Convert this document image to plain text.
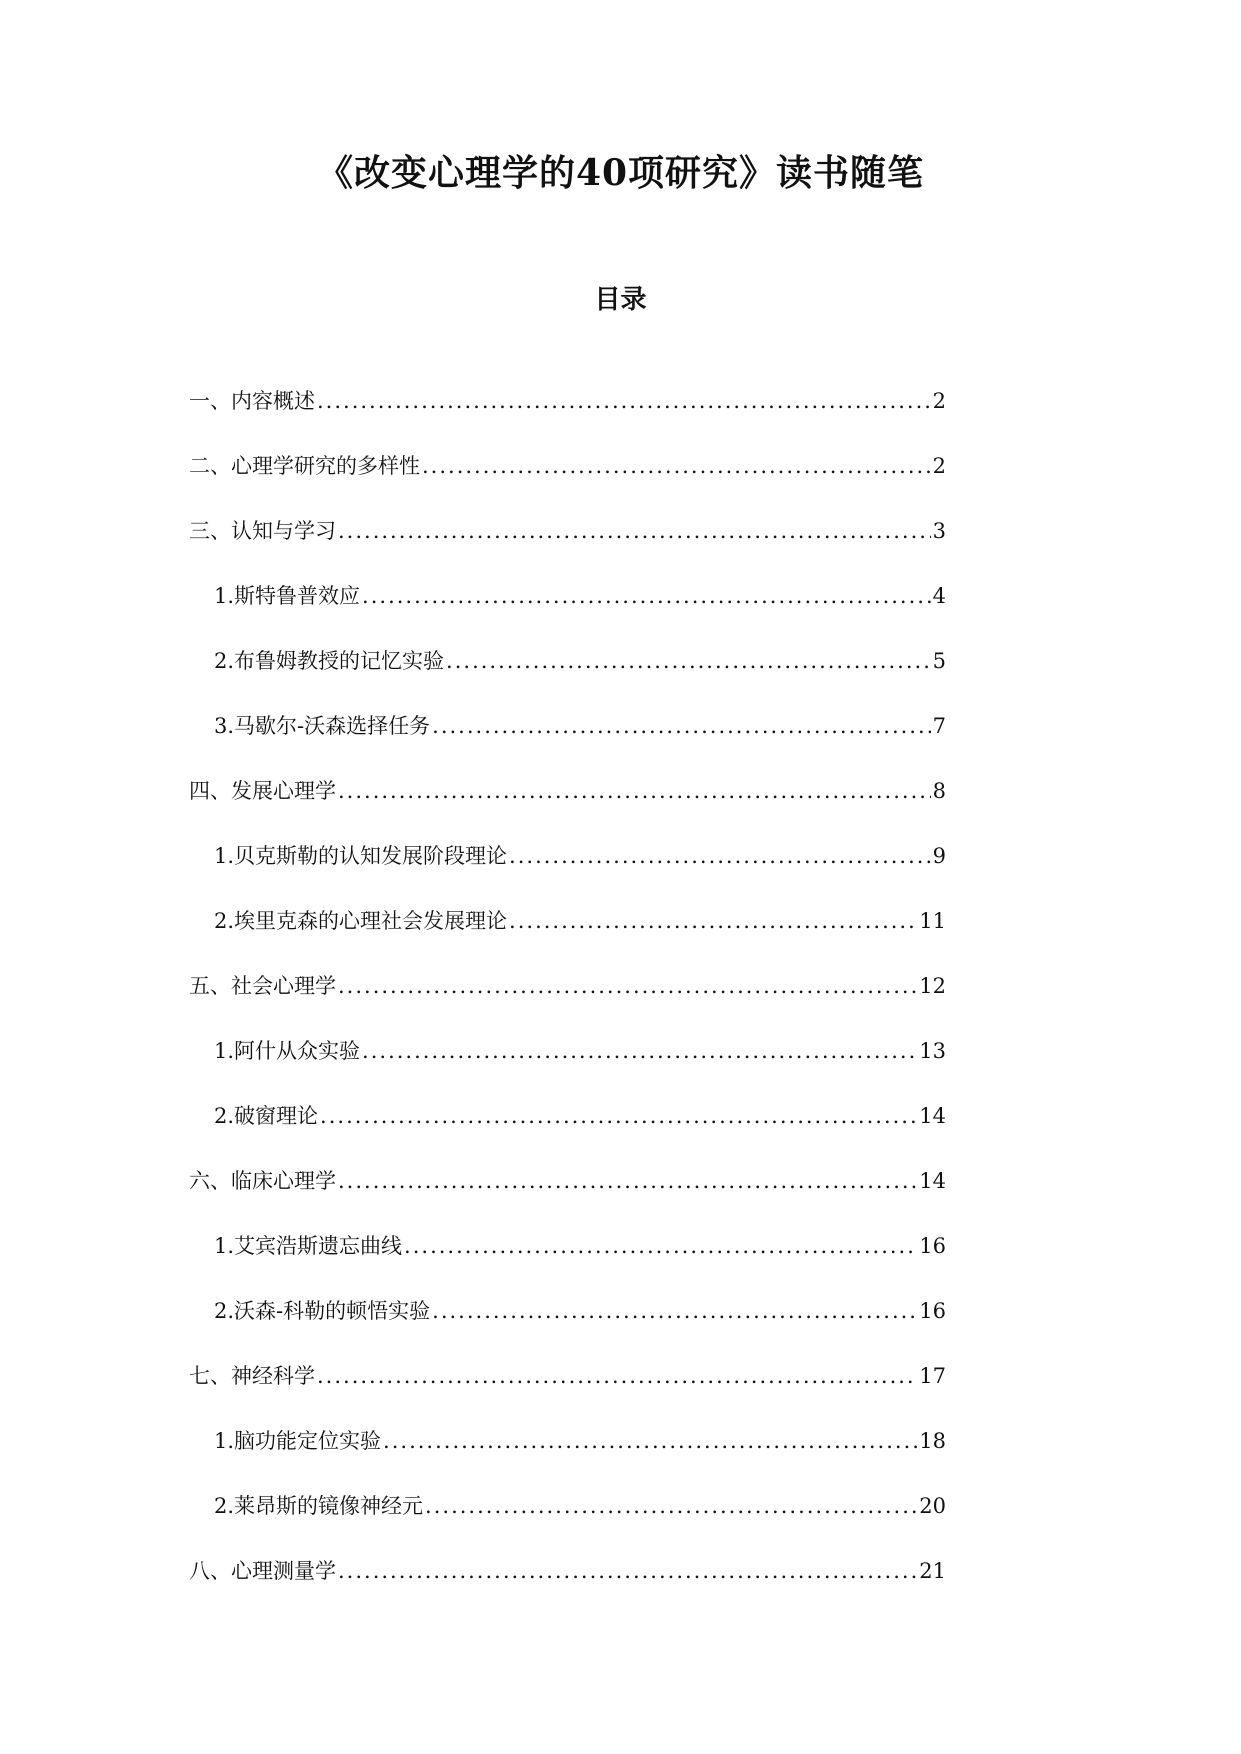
《改变心理学的40项研究》读书随笔
目录
一、内容概述 .....	2
二、心理学研究的多样性 .....	2
三、认知与学习 .....	3
1. 斯特鲁普效应 .....	4
2. 布鲁姆教授的记忆实验 .....	5
3. 马歇尔-沃森选择任务 .....	7
四、发展心理学 .....	8
1. 贝克斯勒的认知发展阶段理论 .....	9
2. 埃里克森的心理社会发展理论 .....	11
五、社会心理学 .....	12
1. 阿什从众实验 .....	13
2. 破窗理论 .....	14
六、临床心理学 .....	14
1. 艾宾浩斯遗忘曲线 .....	16
2. 沃森-科勒的顿悟实验 .....	16
七、神经科学 .....	17
1. 脑功能定位实验 .....	18
2. 莱昂斯的镜像神经元 .....	20
八、心理测量学 .....	21
